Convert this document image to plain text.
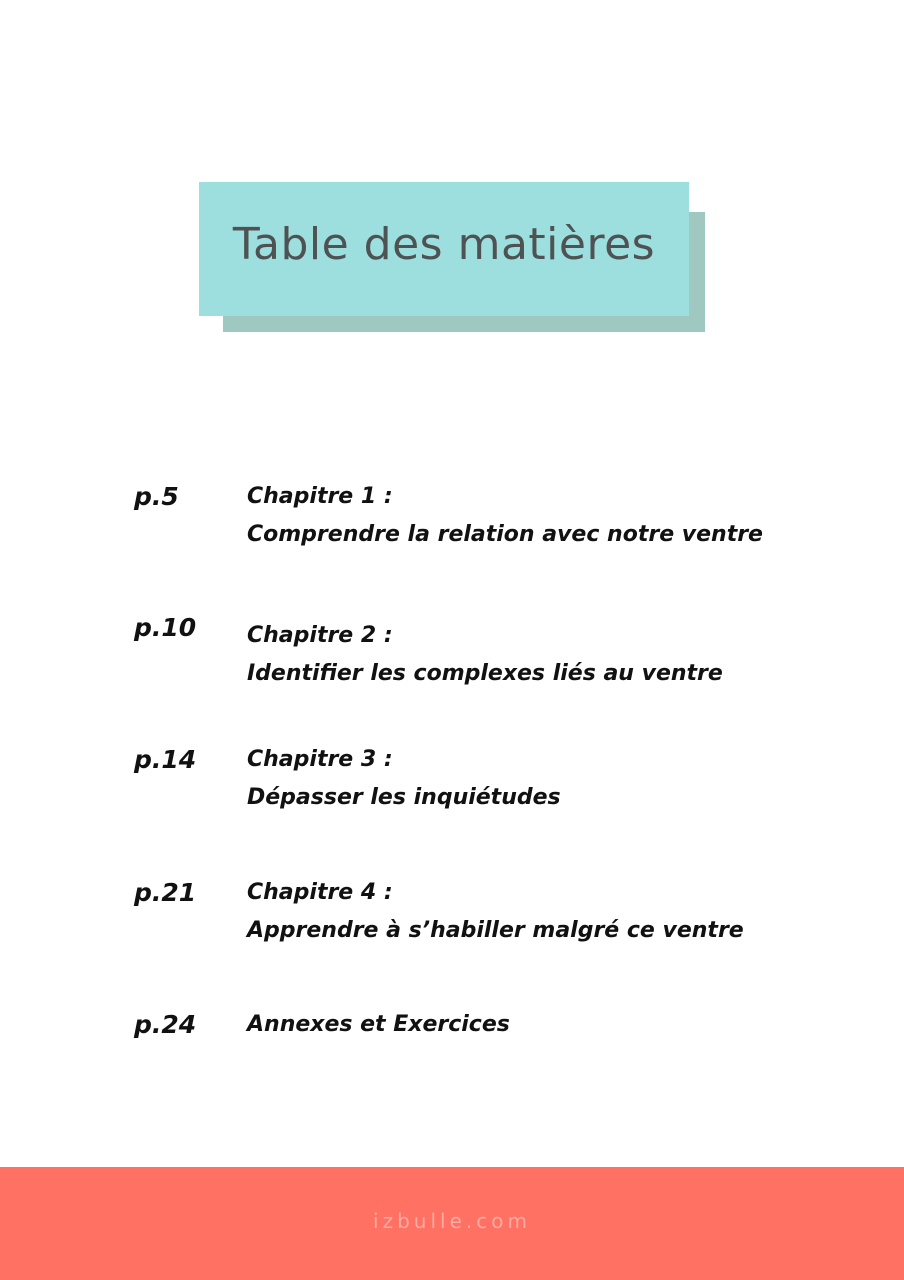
Table des matières
p.5	Chapitre 1 :
Comprendre la relation avec notre ventre
p.10 Chapitre 2 :
Identifier les complexes liés au ventre
p.14 Chapitre 3 :
Dépasser les inquiétudes
p.21 Chapitre 4 :
Apprendre à s’habiller malgré ce ventre
p.24 Annexes et Exercices
izbulle.com
